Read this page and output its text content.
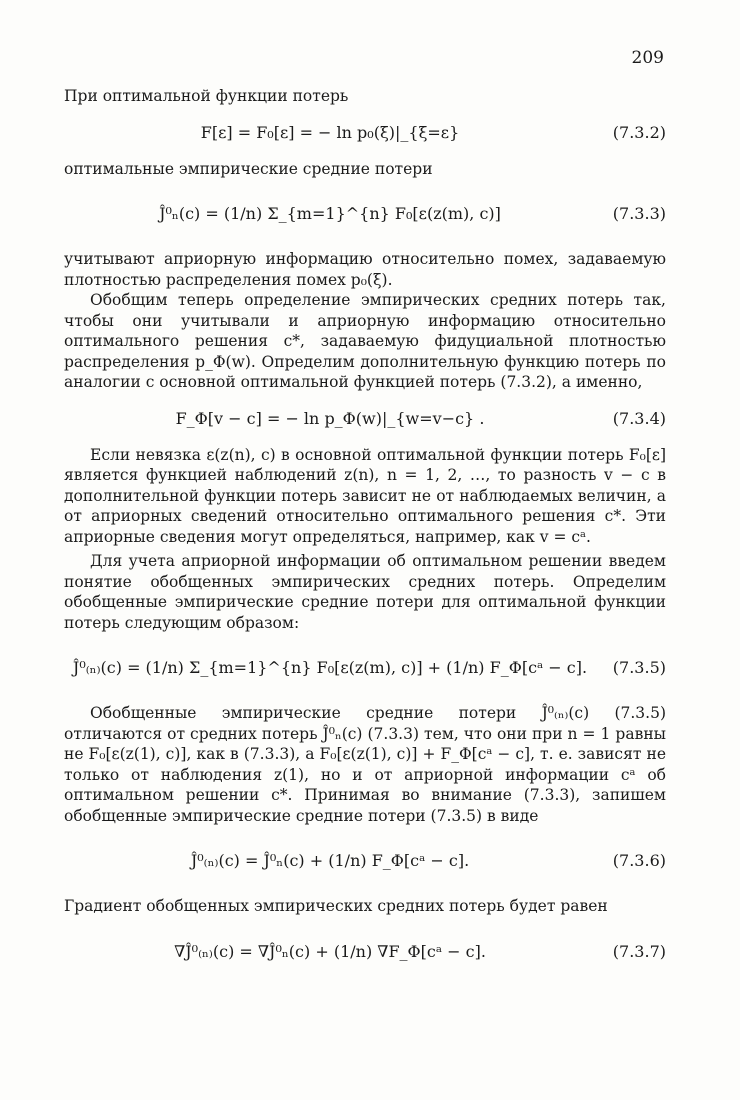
209

При оптимальной функции потерь

F[ε] = F₀[ε] = − ln p₀(ξ)|_{ξ=ε}	(7.3.2)

оптимальные эмпирические средние потери

Ĵ⁰ₙ(c) = (1/n) Σ_{m=1}^{n} F₀[ε(z(m), c)]	(7.3.3)

учитывают априорную информацию относительно помех, задаваемую плотностью распределения помех p₀(ξ).

Обобщим теперь определение эмпирических средних потерь так, чтобы они учитывали и априорную информацию относительно оптимального решения c*, задаваемую фидуциальной плотностью распределения p_Φ(w). Определим дополнительную функцию потерь по аналогии с основной оптимальной функцией потерь (7.3.2), а именно,

F_Φ[v − c] = − ln p_Φ(w)|_{w=v−c} .	(7.3.4)

Если невязка ε(z(n), c) в основной оптимальной функции потерь F₀[ε] является функцией наблюдений z(n), n = 1, 2, …, то разность v − c в дополнительной функции потерь зависит не от наблюдаемых величин, а от априорных сведений относительно оптимального решения c*. Эти априорные сведения могут определяться, например, как v = cᵃ.

Для учета априорной информации об оптимальном решении введем понятие обобщенных эмпирических средних потерь. Определим обобщенные эмпирические средние потери для оптимальной функции потерь следующим образом:

Ĵ⁰₍ₙ₎(c) = (1/n) Σ_{m=1}^{n} F₀[ε(z(m), c)] + (1/n) F_Φ[cᵃ − c].	(7.3.5)

Обобщенные эмпирические средние потери Ĵ⁰₍ₙ₎(c) (7.3.5) отличаются от средних потерь Ĵ⁰ₙ(c) (7.3.3) тем, что они при n = 1 равны не F₀[ε(z(1), c)], как в (7.3.3), а F₀[ε(z(1), c)] + F_Φ[cᵃ − c], т. е. зависят не только от наблюдения z(1), но и от априорной информации cᵃ об оптимальном решении c*. Принимая во внимание (7.3.3), запишем обобщенные эмпирические средние потери (7.3.5) в виде

Ĵ⁰₍ₙ₎(c) = Ĵ⁰ₙ(c) + (1/n) F_Φ[cᵃ − c].	(7.3.6)

Градиент обобщенных эмпирических средних потерь будет равен

∇Ĵ⁰₍ₙ₎(c) = ∇Ĵ⁰ₙ(c) + (1/n) ∇F_Φ[cᵃ − c].	(7.3.7)
